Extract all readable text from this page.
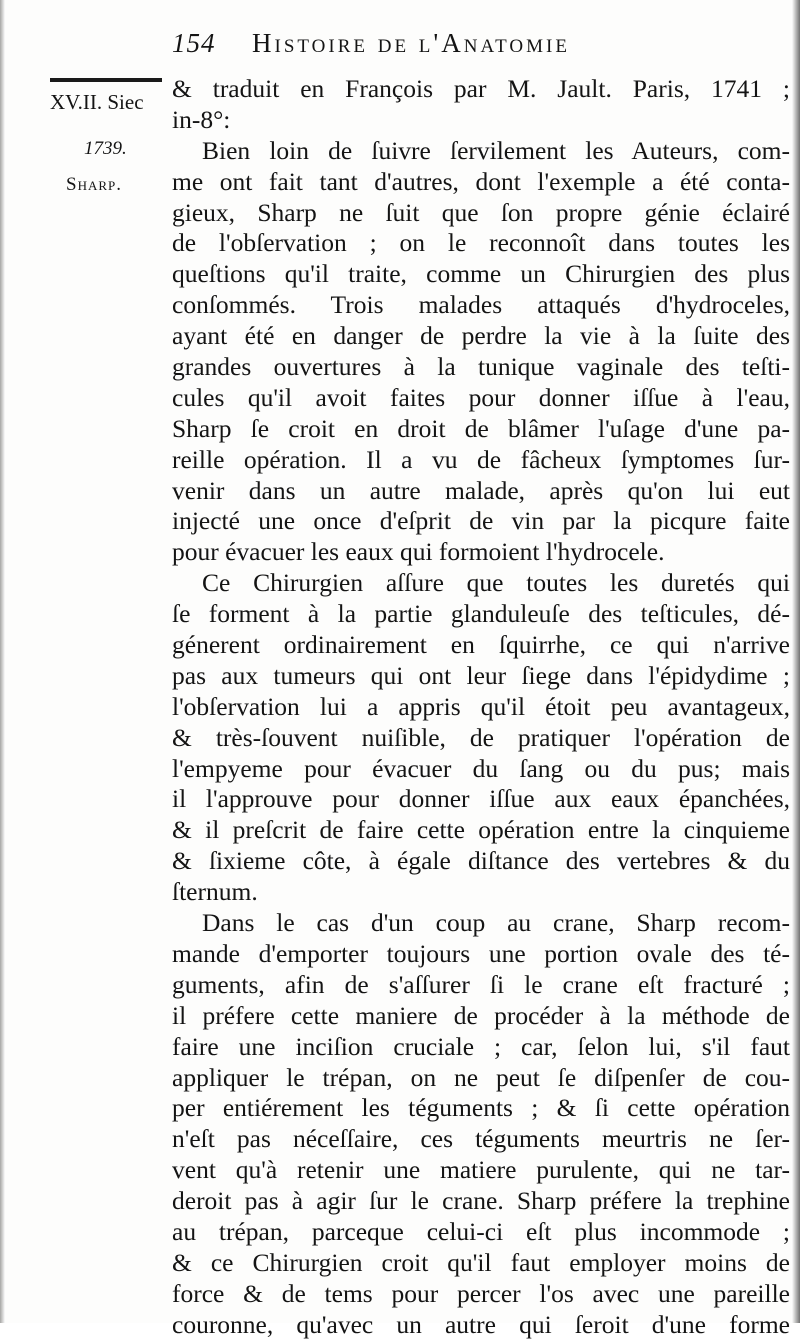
154 Histoire de l'Anatomie
XV.II. Siec
1739.
Sharp.
& traduit en François par M. Jault. Paris, 1741 ;
in-8°:
Bien loin de ſuivre ſervilement les Auteurs, com-
me ont fait tant d'autres, dont l'exemple a été conta-
gieux, Sharp ne ſuit que ſon propre génie éclairé
de l'obſervation ; on le reconnoît dans toutes les
queſtions qu'il traite, comme un Chirurgien des plus
conſommés. Trois malades attaqués d'hydroceles,
ayant été en danger de perdre la vie à la ſuite des
grandes ouvertures à la tunique vaginale des teſti-
cules qu'il avoit faites pour donner iſſue à l'eau,
Sharp ſe croit en droit de blâmer l'uſage d'une pa-
reille opération. Il a vu de fâcheux ſymptomes ſur-
venir dans un autre malade, après qu'on lui eut
injecté une once d'eſprit de vin par la picqure faite
pour évacuer les eaux qui formoient l'hydrocele.
Ce Chirurgien aſſure que toutes les duretés qui
ſe forment à la partie glanduleuſe des teſticules, dé-
génerent ordinairement en ſquirrhe, ce qui n'arrive
pas aux tumeurs qui ont leur ſiege dans l'épidydime ;
l'obſervation lui a appris qu'il étoit peu avantageux,
& très-ſouvent nuiſible, de pratiquer l'opération de
l'empyeme pour évacuer du ſang ou du pus; mais
il l'approuve pour donner iſſue aux eaux épanchées,
& il preſcrit de faire cette opération entre la cinquieme
& ſixieme côte, à égale diſtance des vertebres & du
ſternum.
Dans le cas d'un coup au crane, Sharp recom-
mande d'emporter toujours une portion ovale des té-
guments, afin de s'aſſurer ſi le crane eſt fracturé ;
il préfere cette maniere de procéder à la méthode de
faire une inciſion cruciale ; car, ſelon lui, s'il faut
appliquer le trépan, on ne peut ſe diſpenſer de cou-
per entiérement les téguments ; & ſi cette opération
n'eſt pas néceſſaire, ces téguments meurtris ne ſer-
vent qu'à retenir une matiere purulente, qui ne tar-
deroit pas à agir ſur le crane. Sharp préfere la trephine
au trépan, parceque celui-ci eſt plus incommode ;
& ce Chirurgien croit qu'il faut employer moins de
force & de tems pour percer l'os avec une pareille
couronne, qu'avec un autre qui ſeroit d'une forme
